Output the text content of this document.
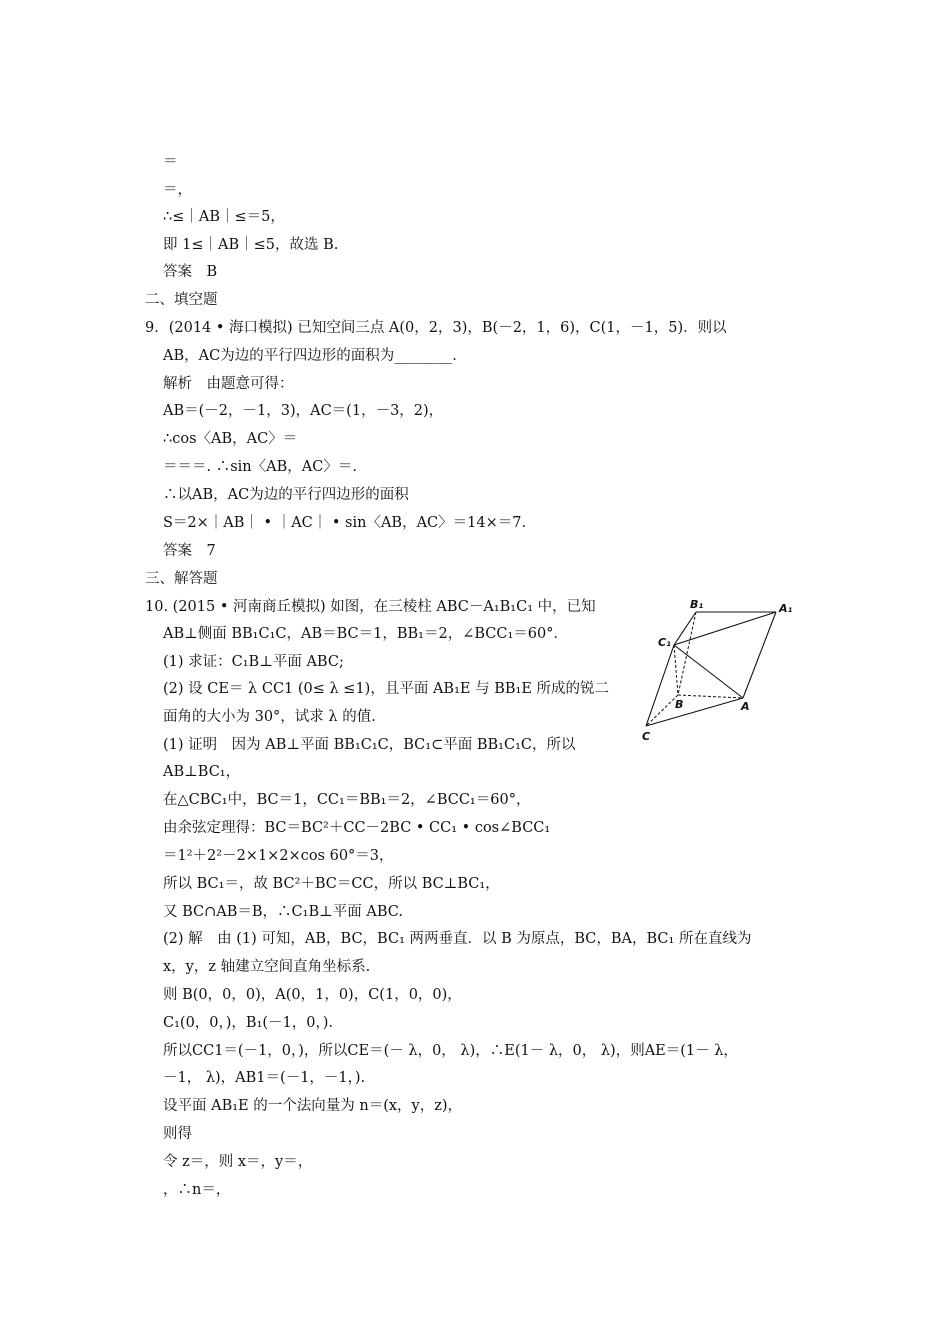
＝
＝，
∴≤｜AB｜≤＝5，
即 1≤｜AB｜≤5，故选 B.
答案　B
二、填空题
9．(2014 • 海口模拟) 已知空间三点 A(0，2，3)，B(－2，1，6)，C(1，－1，5)．则以
AB，AC为边的平行四边形的面积为________.
解析　由题意可得：
AB＝(－2，－1，3)，AC＝(1，－3，2)，
∴cos〈AB，AC〉＝
＝＝＝. ∴sin〈AB，AC〉＝.
∴以AB，AC为边的平行四边形的面积
S＝2×｜AB｜ • ｜AC｜ • sin〈AB，AC〉＝14×＝7.
答案　7
三、解答题
10. (2015 • 河南商丘模拟) 如图，在三棱柱 ABC－A₁B₁C₁ 中，已知
AB⊥侧面 BB₁C₁C，AB＝BC＝1，BB₁＝2，∠BCC₁＝60°．
(1) 求证：C₁B⊥平面 ABC;
(2) 设 CE＝ λ CC1 (0≤ λ ≤1)，且平面 AB₁E 与 BB₁E 所成的锐二
面角的大小为 30°，试求 λ 的值.
(1) 证明　因为 AB⊥平面 BB₁C₁C，BC₁⊂平面 BB₁C₁C，所以
AB⊥BC₁，
在△CBC₁中，BC＝1，CC₁＝BB₁＝2，∠BCC₁＝60°，
由余弦定理得：BC＝BC²＋CC－2BC • CC₁ • cos∠BCC₁
＝1²＋2²－2×1×2×cos 60°＝3，
所以 BC₁＝，故 BC²＋BC＝CC，所以 BC⊥BC₁，
又 BC∩AB＝B，∴C₁B⊥平面 ABC.
(2) 解　由 (1) 可知，AB，BC，BC₁ 两两垂直．以 B 为原点，BC，BA，BC₁ 所在直线为
x，y，z 轴建立空间直角坐标系.
则 B(0，0，0)，A(0，1，0)，C(1，0，0)，
C₁(0，0，)，B₁(－1，0，).
所以CC1＝(－1，0，)，所以CE＝(－ λ，0， λ)，∴E(1－ λ，0， λ)，则AE＝(1－ λ，
－1， λ)，AB1＝(－1，－1，).
设平面 AB₁E 的一个法向量为 n＝(x，y，z)，
则得
令 z＝，则 x＝，y＝，
，∴n＝，
B₁	A₁
C₁
B	A
C
